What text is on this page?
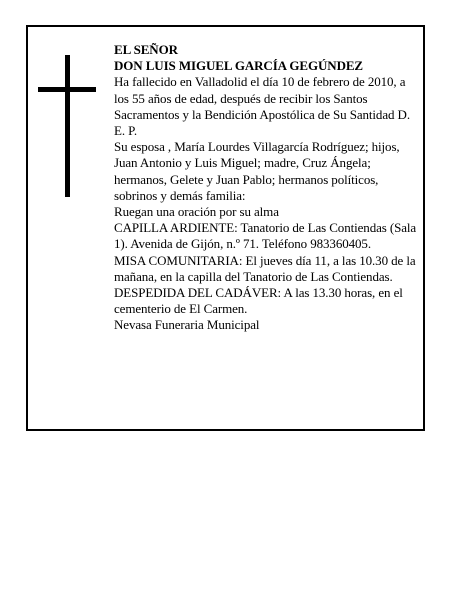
EL SEÑOR

DON LUIS MIGUEL GARCÍA GEGÚNDEZ

Ha fallecido en Valladolid el día 10 de febrero de 2010, a los 55 años de edad, después de recibir los Santos Sacramentos y la Bendición Apostólica de Su Santidad D. E. P.

Su esposa , María Lourdes Villagarcía Rodríguez; hijos, Juan Antonio y Luis Miguel; madre, Cruz Ángela; hermanos, Gelete y Juan Pablo; hermanos políticos, sobrinos y demás familia:

Ruegan una oración por su alma

CAPILLA ARDIENTE: Tanatorio de Las Contiendas (Sala 1). Avenida de Gijón, n.º 71. Teléfono 983360405.

MISA COMUNITARIA: El jueves día 11, a las 10.30 de la mañana, en la capilla del Tanatorio de Las Contiendas.

DESPEDIDA DEL CADÁVER: A las 13.30 horas, en el cementerio de El Carmen.

Nevasa Funeraria Municipal
